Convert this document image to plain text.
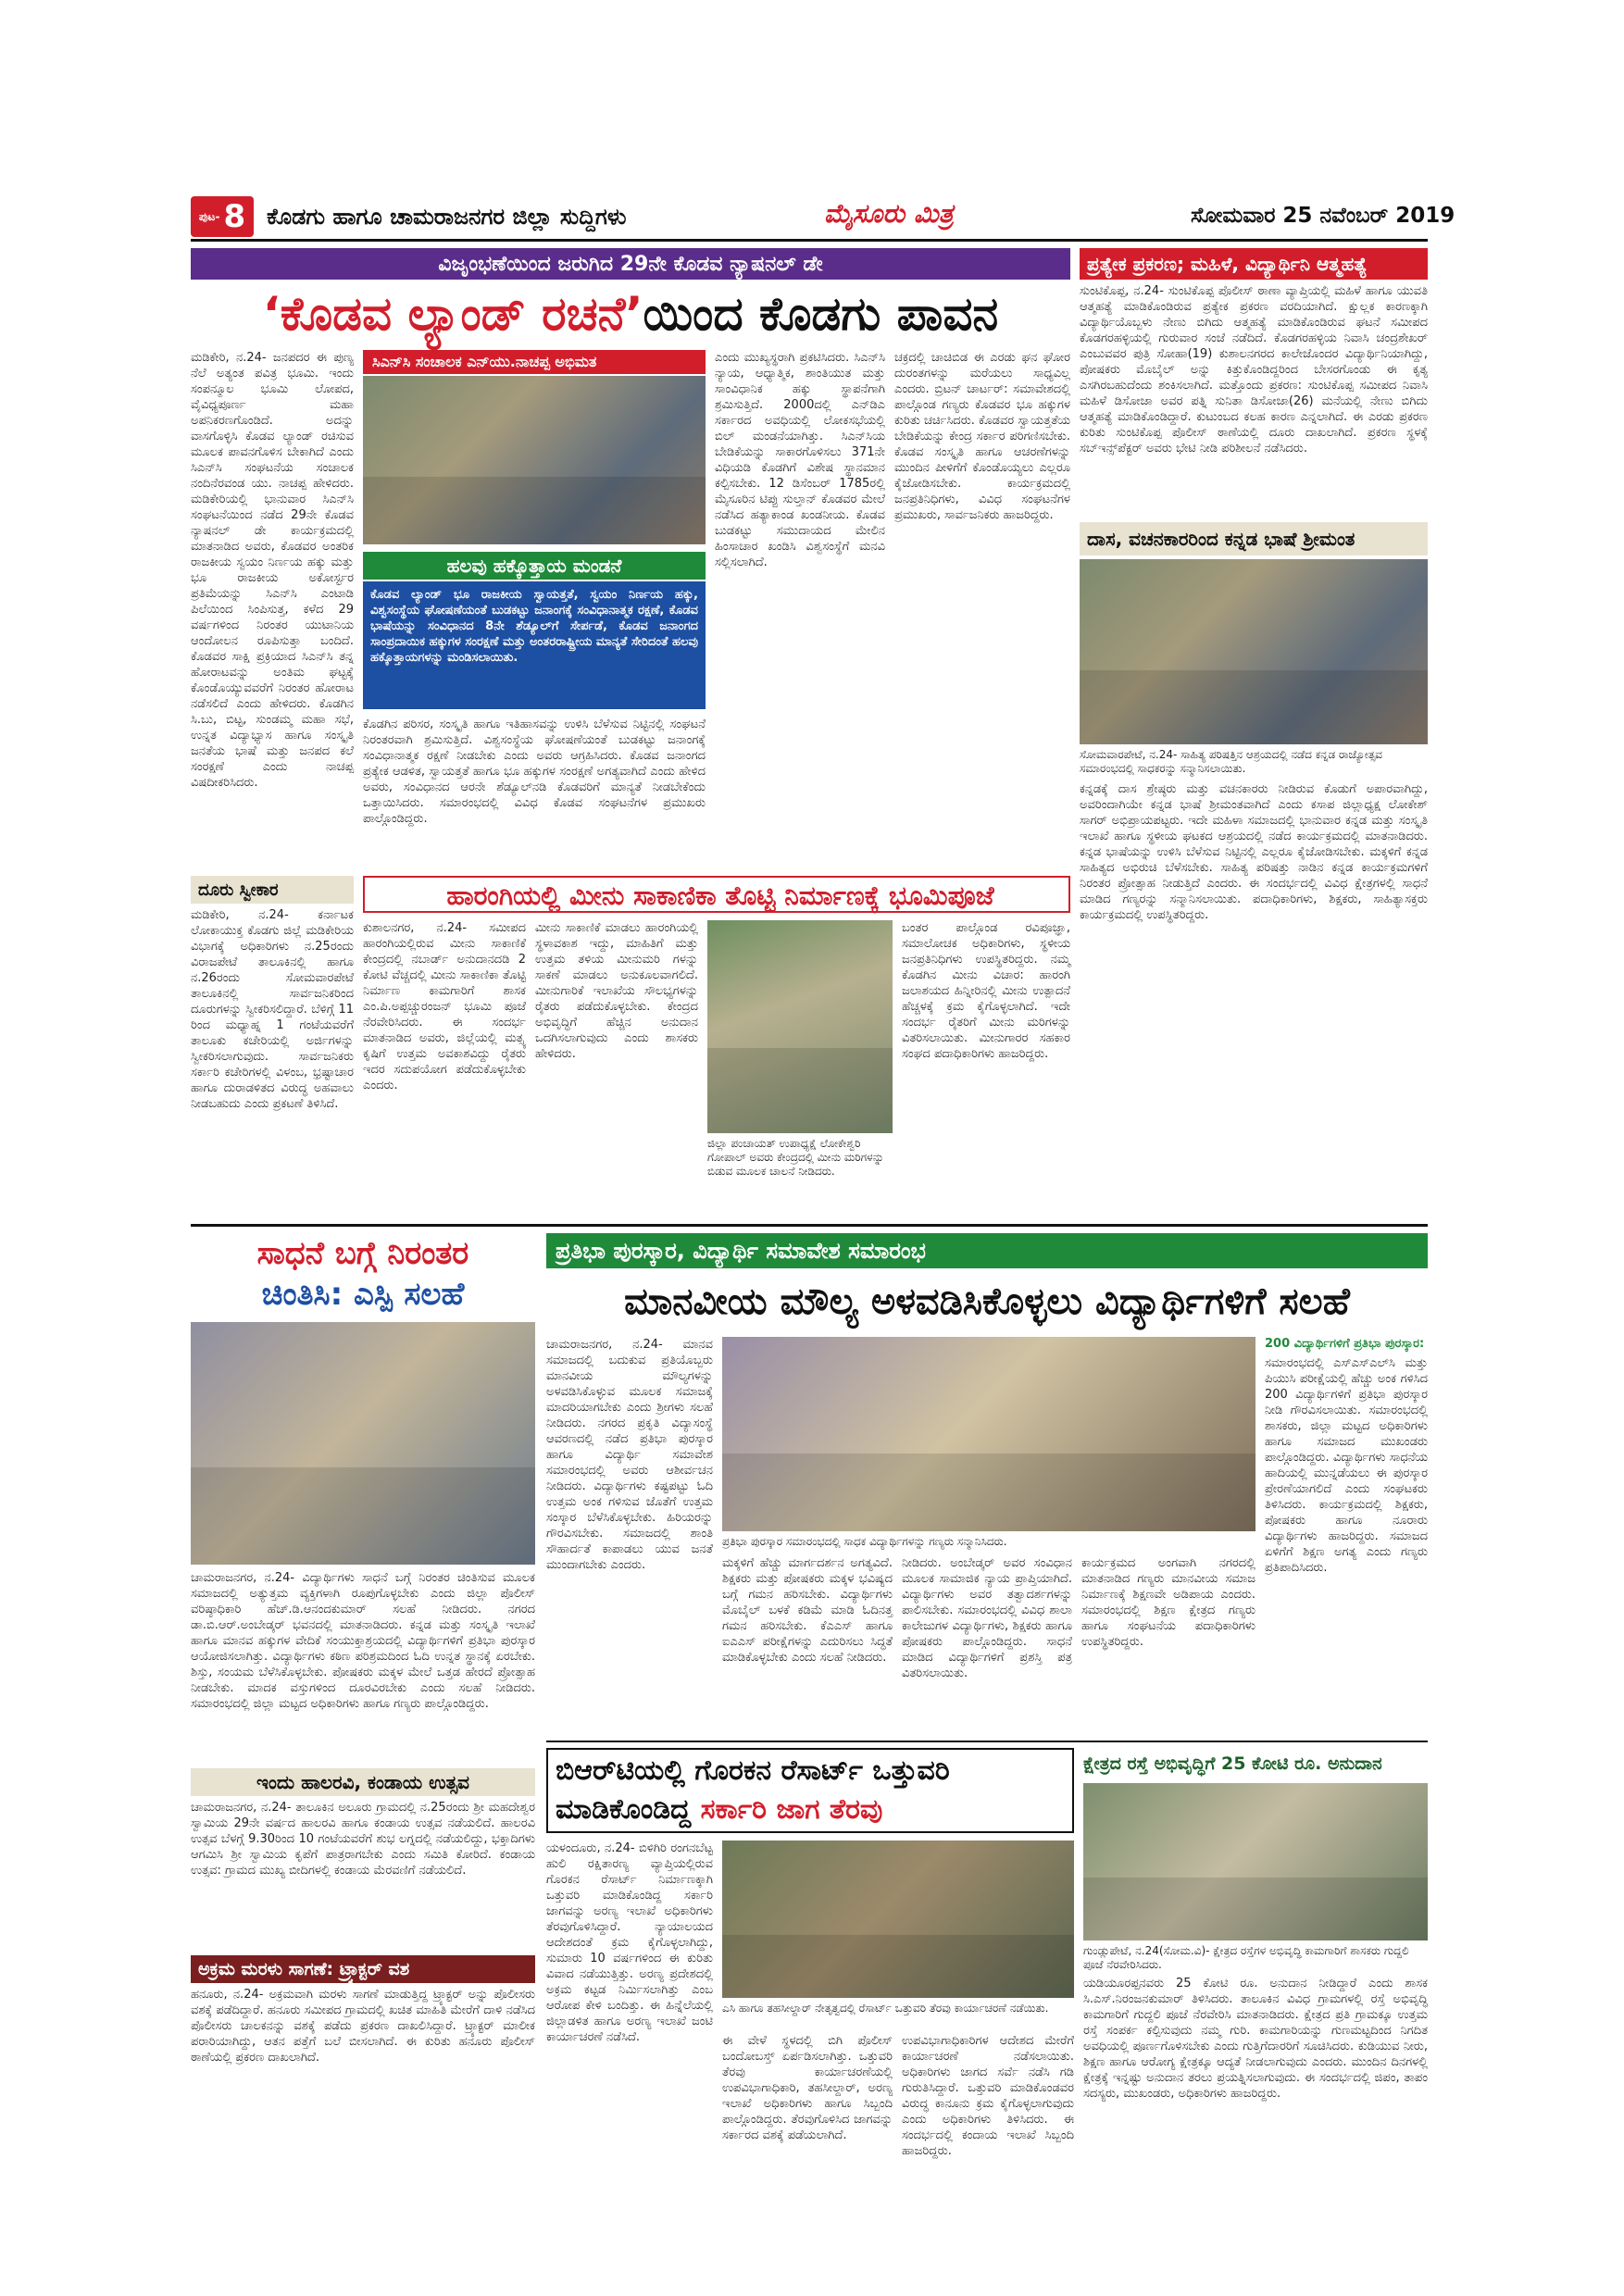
ಪುಟ- 8 ಕೊಡಗು ಹಾಗೂ ಚಾಮರಾಜನಗರ ಜಿಲ್ಲಾ ಸುದ್ದಿಗಳು	ಮೈಸೂರು ಮಿತ್ರ	ಸೋಮವಾರ 25 ನವೆಂಬರ್ 2019
ವಿಜೃಂಭಣೆಯಿಂದ ಜರುಗಿದ 29ನೇ ಕೊಡವ ನ್ಯಾಷನಲ್ ಡೇ
‘ಕೊಡವ ಲ್ಯಾಂಡ್ ರಚನೆ’ಯಿಂದ ಕೊಡಗು ಪಾವನ
ಮಡಿಕೇರಿ, ನ.24- ಜನಪದರ ಈ ಪುಣ್ಯ ನೆಲೆ ಅತ್ಯಂತ ಪವಿತ್ರ ಭೂಮಿ. ಇಂದು ಸಂಪನ್ಮೂಲ ಭೂಮಿ ಲೋಪದ, ವೈವಿಧ್ಯಪೂರ್ಣ ಮಹಾ ಅಪನಿಕರಣಗೊಂಡಿದೆ. ಅದನ್ನು ವಾಸಗೊಳ್ಳಿಸಿ ಕೊಡವ ಲ್ಯಾಂಡ್ ರಚಿಸುವ ಮೂಲಕ ಪಾವನಗೊಳಿಸ ಬೇಕಾಗಿದೆ ಎಂದು ಸಿಎನ್‌ಸಿ ಸಂಘಟನೆಯ ಸಂಚಾಲಕ ನಂದಿನೆರವಂಡ ಯು. ನಾಚಪ್ಪ ಹೇಳಿದರು. ಮಡಿಕೇರಿಯಲ್ಲಿ ಭಾನುವಾರ ಸಿಎನ್‌ಸಿ ಸಂಘಟನೆಯಿಂದ ನಡೆದ 29ನೇ ಕೊಡವ ನ್ಯಾಷನಲ್ ಡೇ ಕಾರ್ಯಕ್ರಮದಲ್ಲಿ ಮಾತನಾಡಿದ ಅವರು, ಕೊಡವರ ಅಂತರಿಕ ರಾಜಕೀಯ ಸ್ವಯಂ ನಿರ್ಣಯ ಹಕ್ಕು ಮತ್ತು ಭೂ ರಾಜಕೀಯ ಅಕೋರ್ಸ್ಟರ ಪ್ರತಿಮೆಯನ್ನು ಸಿಎನ್‌ಸಿ ಎಂಟಾಡಿ ಪಿಲೆಯಿಂದ ಸಿಂಪಿಸುತ್ತ, ಕಳೆದ 29 ವರ್ಷಗಳಿಂದ ನಿರಂತರ ಯುಟಾನಿಯ ಆಂದೋಲನ ರೂಪಿಸುತ್ತಾ ಬಂದಿದೆ. ಕೊಡವರ ಸಾಕ್ಷಿ ಪ್ರಕ್ರಿಯಾದ ಸಿಎನ್‌ಸಿ ತನ್ನ ಹೋರಾಟವನ್ನು ಅಂತಿಮ ಘಟ್ಟಕ್ಕೆ ಕೊಂಡೊಯ್ಯುವವರೆಗೆ ನಿರಂತರ ಹೋರಾಟ ನಡೆಸಲಿದೆ ಎಂದು ಹೇಳಿದರು. ಕೊಡಗಿನ ಸಿ.ಬು, ಬಿಟ್ಟ, ಸುಂಡಮ್ಮ ಮಹಾ ಸಭೆ, ಉನ್ನತ ವಿದ್ಯಾಭ್ಯಾಸ ಹಾಗೂ ಸಂಸ್ಕೃತಿ ಜನತೆಯ ಭಾಷೆ ಮತ್ತು ಜನಪದ ಕಲೆ ಸಂರಕ್ಷಣೆ ಎಂದು ನಾಚಪ್ಪ ವಿಷದೀಕರಿಸಿದರು.
ಸಿಎನ್‌ಸಿ ಸಂಚಾಲಕ ಎನ್‌ಯು.ನಾಚಪ್ಪ ಅಭಿಮತ	ಎಂದು ಮುಖ್ಯಸ್ಥರಾಗಿ ಪ್ರಕಟಿಸಿದರು. ಸಿಎನ್‌ಸಿ ನ್ಯಾಯ, ಆಧ್ಯಾತ್ಮಿಕ, ಶಾಂತಿಯುತ ಮತ್ತು ಸಾಂವಿಧಾನಿಕ ಹಕ್ಕು ಸ್ಥಾಪನೆಗಾಗಿ ಶ್ರಮಿಸುತ್ತಿದೆ. 2000ದಲ್ಲಿ ಎನ್‌ಡಿಎ ಸರ್ಕಾರದ ಅವಧಿಯಲ್ಲಿ ಲೋಕಸಭೆಯಲ್ಲಿ ಬಿಲ್ ಮಂಡನೆಯಾಗಿತ್ತು. ಸಿಎನ್‌ಸಿಯ ಬೇಡಿಕೆಯನ್ನು ಸಾಕಾರಗೊಳಿಸಲು 371ನೇ ವಿಧಿಯಡಿ ಕೊಡಗಿಗೆ ವಿಶೇಷ ಸ್ಥಾನಮಾನ ಕಲ್ಪಿಸಬೇಕು. 12 ಡಿಸೆಂಬರ್ 1785ರಲ್ಲಿ ಮೈಸೂರಿನ ಟಿಪ್ಪು ಸುಲ್ತಾನ್ ಕೊಡವರ ಮೇಲೆ ನಡೆಸಿದ ಹತ್ಯಾಕಾಂಡ ಖಂಡನೀಯ. ಕೊಡವ ಬುಡಕಟ್ಟು ಸಮುದಾಯದ ಮೇಲಿನ ಹಿಂಸಾಚಾರ ಖಂಡಿಸಿ ವಿಶ್ವಸಂಸ್ಥೆಗೆ ಮನವಿ ಸಲ್ಲಿಸಲಾಗಿದೆ.
ಚಕ್ರದಲ್ಲಿ ಚಾಚಿಬಿಡ ಈ ಎರಡು ಘನ ಘೋರ ದುರಂತಗಳನ್ನು ಮರೆಯಲು ಸಾಧ್ಯವಿಲ್ಲ ಎಂದರು. ಬ್ರಿಟನ್ ಚಾರ್ಟರ್: ಸಮಾವೇಶದಲ್ಲಿ ಪಾಲ್ಗೊಂಡ ಗಣ್ಯರು ಕೊಡವರ ಭೂ ಹಕ್ಕುಗಳ ಕುರಿತು ಚರ್ಚಿಸಿದರು. ಕೊಡವರ ಸ್ವಾಯತ್ತತೆಯ ಬೇಡಿಕೆಯನ್ನು ಕೇಂದ್ರ ಸರ್ಕಾರ ಪರಿಗಣಿಸಬೇಕು. ಕೊಡವ ಸಂಸ್ಕೃತಿ ಹಾಗೂ ಆಚರಣೆಗಳನ್ನು ಮುಂದಿನ ಪೀಳಿಗೆಗೆ ಕೊಂಡೊಯ್ಯಲು ಎಲ್ಲರೂ ಕೈಜೋಡಿಸಬೇಕು. ಕಾರ್ಯಕ್ರಮದಲ್ಲಿ ಜನಪ್ರತಿನಿಧಿಗಳು, ವಿವಿಧ ಸಂಘಟನೆಗಳ ಪ್ರಮುಖರು, ಸಾರ್ವಜನಿಕರು ಹಾಜರಿದ್ದರು.
ಹಲವು ಹಕ್ಕೊತ್ತಾಯ ಮಂಡನೆ
ಕೊಡವ ಲ್ಯಾಂಡ್ ಭೂ ರಾಜಕೀಯ ಸ್ವಾಯತ್ತತೆ, ಸ್ವಯಂ ನಿರ್ಣಯ ಹಕ್ಕು, ವಿಶ್ವಸಂಸ್ಥೆಯ ಘೋಷಣೆಯಂತೆ ಬುಡಕಟ್ಟು ಜನಾಂಗಕ್ಕೆ ಸಂವಿಧಾನಾತ್ಮಕ ರಕ್ಷಣೆ, ಕೊಡವ ಭಾಷೆಯನ್ನು ಸಂವಿಧಾನದ 8ನೇ ಶೆಡ್ಯೂಲ್‌ಗೆ ಸೇರ್ಪಡೆ, ಕೊಡವ ಜನಾಂಗದ ಸಾಂಪ್ರದಾಯಿಕ ಹಕ್ಕುಗಳ ಸಂರಕ್ಷಣೆ ಮತ್ತು ಅಂತರರಾಷ್ಟ್ರೀಯ ಮಾನ್ಯತೆ ಸೇರಿದಂತೆ ಹಲವು ಹಕ್ಕೊತ್ತಾಯಗಳನ್ನು ಮಂಡಿಸಲಾಯಿತು.
ಕೊಡಗಿನ ಪರಿಸರ, ಸಂಸ್ಕೃತಿ ಹಾಗೂ ಇತಿಹಾಸವನ್ನು ಉಳಿಸಿ ಬೆಳೆಸುವ ನಿಟ್ಟಿನಲ್ಲಿ ಸಂಘಟನೆ ನಿರಂತರವಾಗಿ ಶ್ರಮಿಸುತ್ತಿದೆ. ವಿಶ್ವಸಂಸ್ಥೆಯ ಘೋಷಣೆಯಂತೆ ಬುಡಕಟ್ಟು ಜನಾಂಗಕ್ಕೆ ಸಂವಿಧಾನಾತ್ಮಕ ರಕ್ಷಣೆ ನೀಡಬೇಕು ಎಂದು ಅವರು ಆಗ್ರಹಿಸಿದರು. ಕೊಡವ ಜನಾಂಗದ ಪ್ರತ್ಯೇಕ ಆಡಳಿತ, ಸ್ವಾಯತ್ತತೆ ಹಾಗೂ ಭೂ ಹಕ್ಕುಗಳ ಸಂರಕ್ಷಣೆ ಅಗತ್ಯವಾಗಿದೆ ಎಂದು ಹೇಳಿದ ಅವರು, ಸಂವಿಧಾನದ ಆರನೇ ಶೆಡ್ಯೂಲ್‌ನಡಿ ಕೊಡವರಿಗೆ ಮಾನ್ಯತೆ ನೀಡಬೇಕೆಂದು ಒತ್ತಾಯಿಸಿದರು. ಸಮಾರಂಭದಲ್ಲಿ ವಿವಿಧ ಕೊಡವ ಸಂಘಟನೆಗಳ ಪ್ರಮುಖರು ಪಾಲ್ಗೊಂಡಿದ್ದರು.
ಪ್ರತ್ಯೇಕ ಪ್ರಕರಣ; ಮಹಿಳೆ, ವಿದ್ಯಾರ್ಥಿನಿ ಆತ್ಮಹತ್ಯೆ
ಸುಂಟಿಕೊಪ್ಪ, ನ.24- ಸುಂಟಿಕೊಪ್ಪ ಪೊಲೀಸ್ ಠಾಣಾ ವ್ಯಾಪ್ತಿಯಲ್ಲಿ ಮಹಿಳೆ ಹಾಗೂ ಯುವತಿ ಆತ್ಮಹತ್ಯೆ ಮಾಡಿಕೊಂಡಿರುವ ಪ್ರತ್ಯೇಕ ಪ್ರಕರಣ ವರದಿಯಾಗಿದೆ. ಕ್ಷುಲ್ಲಕ ಕಾರಣಕ್ಕಾಗಿ ವಿದ್ಯಾರ್ಥಿಯೊಬ್ಬಳು ನೇಣು ಬಿಗಿದು ಆತ್ಮಹತ್ಯೆ ಮಾಡಿಕೊಂಡಿರುವ ಘಟನೆ ಸಮೀಪದ ಕೊಡಗರಹಳ್ಳಿಯಲ್ಲಿ ಗುರುವಾರ ಸಂಜೆ ನಡೆದಿದೆ. ಕೊಡಗರಹಳ್ಳಿಯ ನಿವಾಸಿ ಚಂದ್ರಶೇಖರ್ ಎಂಬುವವರ ಪುತ್ರಿ ಸೋಹಾ(19) ಕುಶಾಲನಗರದ ಕಾಲೇಜೊಂದರ ವಿದ್ಯಾರ್ಥಿನಿಯಾಗಿದ್ದು, ಪೋಷಕರು ಮೊಬೈಲ್ ಅನ್ನು ಕಿತ್ತುಕೊಂಡಿದ್ದರಿಂದ ಬೇಸರಗೊಂಡು ಈ ಕೃತ್ಯ ಎಸಗಿರಬಹುದೆಂದು ಶಂಕಿಸಲಾಗಿದೆ. ಮತ್ತೊಂದು ಪ್ರಕರಣ: ಸುಂಟಿಕೊಪ್ಪ ಸಮೀಪದ ನಿವಾಸಿ ಮಹಿಳೆ ಡಿಸೋಜಾ ಅವರ ಪತ್ನಿ ಸುನಿತಾ ಡಿಸೋಜಾ(26) ಮನೆಯಲ್ಲಿ ನೇಣು ಬಿಗಿದು ಆತ್ಮಹತ್ಯೆ ಮಾಡಿಕೊಂಡಿದ್ದಾರೆ. ಕುಟುಂಬದ ಕಲಹ ಕಾರಣ ಎನ್ನಲಾಗಿದೆ. ಈ ಎರಡು ಪ್ರಕರಣ ಕುರಿತು ಸುಂಟಿಕೊಪ್ಪ ಪೊಲೀಸ್ ಠಾಣೆಯಲ್ಲಿ ದೂರು ದಾಖಲಾಗಿದೆ. ಪ್ರಕರಣ ಸ್ಥಳಕ್ಕೆ ಸಬ್‌ಇನ್ಸ್‌ಪೆಕ್ಟರ್ ಅವರು ಭೇಟಿ ನೀಡಿ ಪರಿಶೀಲನೆ ನಡೆಸಿದರು.
ದಾಸ, ವಚನಕಾರರಿಂದ ಕನ್ನಡ ಭಾಷೆ ಶ್ರೀಮಂತ
ಸೋಮವಾರಪೇಟೆ, ನ.24- ಸಾಹಿತ್ಯ ಪರಿಷತ್ತಿನ ಆಶ್ರಯದಲ್ಲಿ ನಡೆದ ಕನ್ನಡ ರಾಜ್ಯೋತ್ಸವ ಸಮಾರಂಭದಲ್ಲಿ ಸಾಧಕರನ್ನು ಸನ್ಮಾನಿಸಲಾಯಿತು.
ಕನ್ನಡಕ್ಕೆ ದಾಸ ಶ್ರೇಷ್ಠರು ಮತ್ತು ವಚನಕಾರರು ನೀಡಿರುವ ಕೊಡುಗೆ ಅಪಾರವಾಗಿದ್ದು, ಅವರಿಂದಾಗಿಯೇ ಕನ್ನಡ ಭಾಷೆ ಶ್ರೀಮಂತವಾಗಿದೆ ಎಂದು ಕಸಾಪ ಜಿಲ್ಲಾಧ್ಯಕ್ಷ ಲೋಕೇಶ್ ಸಾಗರ್ ಅಭಿಪ್ರಾಯಪಟ್ಟರು. ಇದೇ ಮಹಿಳಾ ಸಮಾಜದಲ್ಲಿ ಭಾನುವಾರ ಕನ್ನಡ ಮತ್ತು ಸಂಸ್ಕೃತಿ ಇಲಾಖೆ ಹಾಗೂ ಸ್ಥಳೀಯ ಘಟಕದ ಆಶ್ರಯದಲ್ಲಿ ನಡೆದ ಕಾರ್ಯಕ್ರಮದಲ್ಲಿ ಮಾತನಾಡಿದರು. ಕನ್ನಡ ಭಾಷೆಯನ್ನು ಉಳಿಸಿ ಬೆಳೆಸುವ ನಿಟ್ಟಿನಲ್ಲಿ ಎಲ್ಲರೂ ಕೈಜೋಡಿಸಬೇಕು. ಮಕ್ಕಳಿಗೆ ಕನ್ನಡ ಸಾಹಿತ್ಯದ ಅಭಿರುಚಿ ಬೆಳೆಸಬೇಕು. ಸಾಹಿತ್ಯ ಪರಿಷತ್ತು ನಾಡಿನ ಕನ್ನಡ ಕಾರ್ಯಕ್ರಮಗಳಿಗೆ ನಿರಂತರ ಪ್ರೋತ್ಸಾಹ ನೀಡುತ್ತಿದೆ ಎಂದರು. ಈ ಸಂದರ್ಭದಲ್ಲಿ ವಿವಿಧ ಕ್ಷೇತ್ರಗಳಲ್ಲಿ ಸಾಧನೆ ಮಾಡಿದ ಗಣ್ಯರನ್ನು ಸನ್ಮಾನಿಸಲಾಯಿತು. ಪದಾಧಿಕಾರಿಗಳು, ಶಿಕ್ಷಕರು, ಸಾಹಿತ್ಯಾಸಕ್ತರು ಕಾರ್ಯಕ್ರಮದಲ್ಲಿ ಉಪಸ್ಥಿತರಿದ್ದರು.
ದೂರು ಸ್ವೀಕಾರ
ಮಡಿಕೇರಿ, ನ.24- ಕರ್ನಾಟಕ ಲೋಕಾಯುಕ್ತ ಕೊಡಗು ಜಿಲ್ಲೆ ಮಡಿಕೇರಿಯ ವಿಭಾಗಕ್ಕೆ ಅಧಿಕಾರಿಗಳು ನ.25ರಂದು ವಿರಾಜಪೇಟೆ ತಾಲೂಕಿನಲ್ಲಿ ಹಾಗೂ ನ.26ರಂದು ಸೋಮವಾರಪೇಟೆ ತಾಲೂಕಿನಲ್ಲಿ ಸಾರ್ವಜನಿಕರಿಂದ ದೂರುಗಳನ್ನು ಸ್ವೀಕರಿಸಲಿದ್ದಾರೆ. ಬೆಳಿಗ್ಗೆ 11 ರಿಂದ ಮಧ್ಯಾಹ್ನ 1 ಗಂಟೆಯವರೆಗೆ ತಾಲೂಕು ಕಚೇರಿಯಲ್ಲಿ ಅರ್ಜಿಗಳನ್ನು ಸ್ವೀಕರಿಸಲಾಗುವುದು. ಸಾರ್ವಜನಿಕರು ಸರ್ಕಾರಿ ಕಚೇರಿಗಳಲ್ಲಿ ವಿಳಂಬ, ಭ್ರಷ್ಟಾಚಾರ ಹಾಗೂ ದುರಾಡಳಿತದ ವಿರುದ್ಧ ಅಹವಾಲು ನೀಡಬಹುದು ಎಂದು ಪ್ರಕಟಣೆ ತಿಳಿಸಿದೆ.
ಹಾರಂಗಿಯಲ್ಲಿ ಮೀನು ಸಾಕಾಣಿಕಾ ತೊಟ್ಟಿ ನಿರ್ಮಾಣಕ್ಕೆ ಭೂಮಿಪೂಜೆ
ಕುಶಾಲನಗರ, ನ.24- ಸಮೀಪದ ಹಾರಂಗಿಯಲ್ಲಿರುವ ಮೀನು ಸಾಕಾಣಿಕೆ ಕೇಂದ್ರದಲ್ಲಿ ನಬಾರ್ಡ್ ಅನುದಾನದಡಿ 2 ಕೋಟಿ ವೆಚ್ಚದಲ್ಲಿ ಮೀನು ಸಾಕಾಣಿಕಾ ತೊಟ್ಟಿ ನಿರ್ಮಾಣ ಕಾಮಗಾರಿಗೆ ಶಾಸಕ ಎಂ.ಪಿ.ಅಪ್ಪಚ್ಚುರಂಜನ್ ಭೂಮಿ ಪೂಜೆ ನೆರವೇರಿಸಿದರು. ಈ ಸಂದರ್ಭ ಮಾತನಾಡಿದ ಅವರು, ಜಿಲ್ಲೆಯಲ್ಲಿ ಮತ್ಸ್ಯ ಕೃಷಿಗೆ ಉತ್ತಮ ಅವಕಾಶವಿದ್ದು ರೈತರು ಇದರ ಸದುಪಯೋಗ ಪಡೆದುಕೊಳ್ಳಬೇಕು ಎಂದರು.
ಮೀನು ಸಾಕಾಣಿಕೆ ಮಾಡಲು ಹಾರಂಗಿಯಲ್ಲಿ ಸ್ಥಳಾವಕಾಶ ಇದ್ದು, ಮಾಹಿತಿಗೆ ಮತ್ತು ಉತ್ತಮ ತಳಿಯ ಮೀನುಮರಿ ಗಳನ್ನು ಸಾಕಣೆ ಮಾಡಲು ಅನುಕೂಲವಾಗಲಿದೆ. ಮೀನುಗಾರಿಕೆ ಇಲಾಖೆಯ ಸೌಲಭ್ಯಗಳನ್ನು ರೈತರು ಪಡೆದುಕೊಳ್ಳಬೇಕು. ಕೇಂದ್ರದ ಅಭಿವೃದ್ಧಿಗೆ ಹೆಚ್ಚಿನ ಅನುದಾನ ಒದಗಿಸಲಾಗುವುದು ಎಂದು ಶಾಸಕರು ಹೇಳಿದರು.
ಜಿಲ್ಲಾ ಪಂಚಾಯತ್ ಉಪಾಧ್ಯಕ್ಷೆ ಲೋಕೇಶ್ವರಿ ಗೋಪಾಲ್ ಅವರು ಕೇಂದ್ರದಲ್ಲಿ ಮೀನು ಮರಿಗಳನ್ನು ಬಿಡುವ ಮೂಲಕ ಚಾಲನೆ ನೀಡಿದರು.
ಬಂತರ ಪಾಲ್ಗೊಂಡ ರವಿಪೂಜ್ಞಾ, ಸಮಾಲೋಚಕ ಅಧಿಕಾರಿಗಳು, ಸ್ಥಳೀಯ ಜನಪ್ರತಿನಿಧಿಗಳು ಉಪಸ್ಥಿತರಿದ್ದರು. ನಮ್ಮ ಕೊಡಗಿನ ಮೀನು ವಿಚಾರ: ಹಾರಂಗಿ ಜಲಾಶಯದ ಹಿನ್ನೀರಿನಲ್ಲಿ ಮೀನು ಉತ್ಪಾದನೆ ಹೆಚ್ಚಳಕ್ಕೆ ಕ್ರಮ ಕೈಗೊಳ್ಳಲಾಗಿದೆ. ಇದೇ ಸಂದರ್ಭ ರೈತರಿಗೆ ಮೀನು ಮರಿಗಳನ್ನು ವಿತರಿಸಲಾಯಿತು. ಮೀನುಗಾರರ ಸಹಕಾರ ಸಂಘದ ಪದಾಧಿಕಾರಿಗಳು ಹಾಜರಿದ್ದರು.
ಸಾಧನೆ ಬಗ್ಗೆ ನಿರಂತರ
ಚಿಂತಿಸಿ: ಎಸ್ಪಿ ಸಲಹೆ
ಚಾಮರಾಜನಗರ, ನ.24- ವಿದ್ಯಾರ್ಥಿಗಳು ಸಾಧನೆ ಬಗ್ಗೆ ನಿರಂತರ ಚಿಂತಿಸುವ ಮೂಲಕ ಸಮಾಜದಲ್ಲಿ ಅತ್ಯುತ್ತಮ ವ್ಯಕ್ತಿಗಳಾಗಿ ರೂಪುಗೊಳ್ಳಬೇಕು ಎಂದು ಜಿಲ್ಲಾ ಪೊಲೀಸ್ ವರಿಷ್ಠಾಧಿಕಾರಿ ಹೆಚ್.ಡಿ.ಆನಂದಕುಮಾರ್ ಸಲಹೆ ನೀಡಿದರು. ನಗರದ ಡಾ.ಬಿ.ಆರ್.ಅಂಬೇಡ್ಕರ್ ಭವನದಲ್ಲಿ ಮಾತನಾಡಿದರು. ಕನ್ನಡ ಮತ್ತು ಸಂಸ್ಕೃತಿ ಇಲಾಖೆ ಹಾಗೂ ಮಾನವ ಹಕ್ಕುಗಳ ವೇದಿಕೆ ಸಂಯುಕ್ತಾಶ್ರಯದಲ್ಲಿ ವಿದ್ಯಾರ್ಥಿಗಳಿಗೆ ಪ್ರತಿಭಾ ಪುರಸ್ಕಾರ ಆಯೋಜಿಸಲಾಗಿತ್ತು. ವಿದ್ಯಾರ್ಥಿಗಳು ಕಠಿಣ ಪರಿಶ್ರಮದಿಂದ ಓದಿ ಉನ್ನತ ಸ್ಥಾನಕ್ಕೆ ಏರಬೇಕು. ಶಿಸ್ತು, ಸಂಯಮ ಬೆಳೆಸಿಕೊಳ್ಳಬೇಕು. ಪೋಷಕರು ಮಕ್ಕಳ ಮೇಲೆ ಒತ್ತಡ ಹೇರದೆ ಪ್ರೋತ್ಸಾಹ ನೀಡಬೇಕು. ಮಾದಕ ವಸ್ತುಗಳಿಂದ ದೂರವಿರಬೇಕು ಎಂದು ಸಲಹೆ ನೀಡಿದರು. ಸಮಾರಂಭದಲ್ಲಿ ಜಿಲ್ಲಾ ಮಟ್ಟದ ಅಧಿಕಾರಿಗಳು ಹಾಗೂ ಗಣ್ಯರು ಪಾಲ್ಗೊಂಡಿದ್ದರು.
ಇಂದು ಹಾಲರವಿ, ಕಂಡಾಯ ಉತ್ಸವ
ಚಾಮರಾಜನಗರ, ನ.24- ತಾಲೂಕಿನ ಅಲೂರು ಗ್ರಾಮದಲ್ಲಿ ನ.25ರಂದು ಶ್ರೀ ಮಹದೇಶ್ವರ ಸ್ವಾಮಿಯ 29ನೇ ವರ್ಷದ ಹಾಲರವಿ ಹಾಗೂ ಕಂಡಾಯ ಉತ್ಸವ ನಡೆಯಲಿದೆ. ಹಾಲರವಿ ಉತ್ಸವ ಬೆಳಗ್ಗೆ 9.30ರಿಂದ 10 ಗಂಟೆಯವರೆಗೆ ಶುಭ ಲಗ್ನದಲ್ಲಿ ನಡೆಯಲಿದ್ದು, ಭಕ್ತಾದಿಗಳು ಆಗಮಿಸಿ ಶ್ರೀ ಸ್ವಾಮಿಯ ಕೃಪೆಗೆ ಪಾತ್ರರಾಗಬೇಕು ಎಂದು ಸಮಿತಿ ಕೋರಿದೆ. ಕಂಡಾಯ ಉತ್ಸವ: ಗ್ರಾಮದ ಮುಖ್ಯ ಬೀದಿಗಳಲ್ಲಿ ಕಂಡಾಯ ಮೆರವಣಿಗೆ ನಡೆಯಲಿದೆ.
ಅಕ್ರಮ ಮರಳು ಸಾಗಣೆ: ಟ್ರ್ಯಾಕ್ಟರ್ ವಶ
ಹನೂರು, ನ.24- ಅಕ್ರಮವಾಗಿ ಮರಳು ಸಾಗಣೆ ಮಾಡುತ್ತಿದ್ದ ಟ್ರ್ಯಾಕ್ಟರ್ ಅನ್ನು ಪೊಲೀಸರು ವಶಕ್ಕೆ ಪಡೆದಿದ್ದಾರೆ. ಹನೂರು ಸಮೀಪದ ಗ್ರಾಮದಲ್ಲಿ ಖಚಿತ ಮಾಹಿತಿ ಮೇರೆಗೆ ದಾಳಿ ನಡೆಸಿದ ಪೊಲೀಸರು ಚಾಲಕನನ್ನು ವಶಕ್ಕೆ ಪಡೆದು ಪ್ರಕರಣ ದಾಖಲಿಸಿದ್ದಾರೆ. ಟ್ರ್ಯಾಕ್ಟರ್ ಮಾಲೀಕ ಪರಾರಿಯಾಗಿದ್ದು, ಆತನ ಪತ್ತೆಗೆ ಬಲೆ ಬೀಸಲಾಗಿದೆ. ಈ ಕುರಿತು ಹನೂರು ಪೊಲೀಸ್ ಠಾಣೆಯಲ್ಲಿ ಪ್ರಕರಣ ದಾಖಲಾಗಿದೆ.
ಪ್ರತಿಭಾ ಪುರಸ್ಕಾರ, ವಿದ್ಯಾರ್ಥಿ ಸಮಾವೇಶ ಸಮಾರಂಭ
ಮಾನವೀಯ ಮೌಲ್ಯ ಅಳವಡಿಸಿಕೊಳ್ಳಲು ವಿದ್ಯಾರ್ಥಿಗಳಿಗೆ ಸಲಹೆ
ಚಾಮರಾಜನಗರ, ನ.24- ಮಾನವ ಸಮಾಜದಲ್ಲಿ ಬದುಕುವ ಪ್ರತಿಯೊಬ್ಬರು ಮಾನವೀಯ ಮೌಲ್ಯಗಳನ್ನು ಅಳವಡಿಸಿಕೊಳ್ಳುವ ಮೂಲಕ ಸಮಾಜಕ್ಕೆ ಮಾದರಿಯಾಗಬೇಕು ಎಂದು ಶ್ರೀಗಳು ಸಲಹೆ ನೀಡಿದರು. ನಗರದ ಪ್ರಕೃತಿ ವಿದ್ಯಾಸಂಸ್ಥೆ ಆವರಣದಲ್ಲಿ ನಡೆದ ಪ್ರತಿಭಾ ಪುರಸ್ಕಾರ ಹಾಗೂ ವಿದ್ಯಾರ್ಥಿ ಸಮಾವೇಶ ಸಮಾರಂಭದಲ್ಲಿ ಅವರು ಆಶೀರ್ವಚನ ನೀಡಿದರು. ವಿದ್ಯಾರ್ಥಿಗಳು ಕಷ್ಟಪಟ್ಟು ಓದಿ ಉತ್ತಮ ಅಂಕ ಗಳಿಸುವ ಜೊತೆಗೆ ಉತ್ತಮ ಸಂಸ್ಕಾರ ಬೆಳೆಸಿಕೊಳ್ಳಬೇಕು. ಹಿರಿಯರನ್ನು ಗೌರವಿಸಬೇಕು. ಸಮಾಜದಲ್ಲಿ ಶಾಂತಿ ಸೌಹಾರ್ದತೆ ಕಾಪಾಡಲು ಯುವ ಜನತೆ ಮುಂದಾಗಬೇಕು ಎಂದರು.
ಪ್ರತಿಭಾ ಪುರಸ್ಕಾರ ಸಮಾರಂಭದಲ್ಲಿ ಸಾಧಕ ವಿದ್ಯಾರ್ಥಿಗಳನ್ನು ಗಣ್ಯರು ಸನ್ಮಾನಿಸಿದರು.
ಮಕ್ಕಳಿಗೆ ಹೆಚ್ಚು ಮಾರ್ಗದರ್ಶನ ಅಗತ್ಯವಿದೆ. ಶಿಕ್ಷಕರು ಮತ್ತು ಪೋಷಕರು ಮಕ್ಕಳ ಭವಿಷ್ಯದ ಬಗ್ಗೆ ಗಮನ ಹರಿಸಬೇಕು. ವಿದ್ಯಾರ್ಥಿಗಳು ಮೊಬೈಲ್ ಬಳಕೆ ಕಡಿಮೆ ಮಾಡಿ ಓದಿನತ್ತ ಗಮನ ಹರಿಸಬೇಕು. ಕೆಎಎಸ್ ಹಾಗೂ ಐಎಎಸ್ ಪರೀಕ್ಷೆಗಳನ್ನು ಎದುರಿಸಲು ಸಿದ್ಧತೆ ಮಾಡಿಕೊಳ್ಳಬೇಕು ಎಂದು ಸಲಹೆ ನೀಡಿದರು.
ನೀಡಿದರು. ಅಂಬೇಡ್ಕರ್ ಅವರ ಸಂವಿಧಾನ ಮೂಲಕ ಸಾಮಾಜಿಕ ನ್ಯಾಯ ಪ್ರಾಪ್ತಿಯಾಗಿದೆ. ವಿದ್ಯಾರ್ಥಿಗಳು ಅವರ ತತ್ವಾದರ್ಶಗಳನ್ನು ಪಾಲಿಸಬೇಕು. ಸಮಾರಂಭದಲ್ಲಿ ವಿವಿಧ ಶಾಲಾ ಕಾಲೇಜುಗಳ ವಿದ್ಯಾರ್ಥಿಗಳು, ಶಿಕ್ಷಕರು ಹಾಗೂ ಪೋಷಕರು ಪಾಲ್ಗೊಂಡಿದ್ದರು. ಸಾಧನೆ ಮಾಡಿದ ವಿದ್ಯಾರ್ಥಿಗಳಿಗೆ ಪ್ರಶಸ್ತಿ ಪತ್ರ ವಿತರಿಸಲಾಯಿತು.
ಕಾರ್ಯಕ್ರಮದ ಅಂಗವಾಗಿ ನಗರದಲ್ಲಿ ಮಾತನಾಡಿದ ಗಣ್ಯರು ಮಾನವೀಯ ಸಮಾಜ ನಿರ್ಮಾಣಕ್ಕೆ ಶಿಕ್ಷಣವೇ ಅಡಿಪಾಯ ಎಂದರು. ಸಮಾರಂಭದಲ್ಲಿ ಶಿಕ್ಷಣ ಕ್ಷೇತ್ರದ ಗಣ್ಯರು ಹಾಗೂ ಸಂಘಟನೆಯ ಪದಾಧಿಕಾರಿಗಳು ಉಪಸ್ಥಿತರಿದ್ದರು.
200 ವಿದ್ಯಾರ್ಥಿಗಳಿಗೆ ಪ್ರತಿಭಾ ಪುರಸ್ಕಾರ:
ಸಮಾರಂಭದಲ್ಲಿ ಎಸ್‌ಎಸ್‌ಎಲ್‌ಸಿ ಮತ್ತು ಪಿಯುಸಿ ಪರೀಕ್ಷೆಯಲ್ಲಿ ಹೆಚ್ಚು ಅಂಕ ಗಳಿಸಿದ 200 ವಿದ್ಯಾರ್ಥಿಗಳಿಗೆ ಪ್ರತಿಭಾ ಪುರಸ್ಕಾರ ನೀಡಿ ಗೌರವಿಸಲಾಯಿತು. ಸಮಾರಂಭದಲ್ಲಿ ಶಾಸಕರು, ಜಿಲ್ಲಾ ಮಟ್ಟದ ಅಧಿಕಾರಿಗಳು ಹಾಗೂ ಸಮಾಜದ ಮುಖಂಡರು ಪಾಲ್ಗೊಂಡಿದ್ದರು. ವಿದ್ಯಾರ್ಥಿಗಳು ಸಾಧನೆಯ ಹಾದಿಯಲ್ಲಿ ಮುನ್ನಡೆಯಲು ಈ ಪುರಸ್ಕಾರ ಪ್ರೇರಣೆಯಾಗಲಿದೆ ಎಂದು ಸಂಘಟಕರು ತಿಳಿಸಿದರು. ಕಾರ್ಯಕ್ರಮದಲ್ಲಿ ಶಿಕ್ಷಕರು, ಪೋಷಕರು ಹಾಗೂ ನೂರಾರು ವಿದ್ಯಾರ್ಥಿಗಳು ಹಾಜರಿದ್ದರು. ಸಮಾಜದ ಏಳಿಗೆಗೆ ಶಿಕ್ಷಣ ಅಗತ್ಯ ಎಂದು ಗಣ್ಯರು ಪ್ರತಿಪಾದಿಸಿದರು.
ಬಿಆರ್‌ಟಿಯಲ್ಲಿ ಗೊರಕನ ರೆಸಾರ್ಟ್ ಒತ್ತುವರಿ
ಮಾಡಿಕೊಂಡಿದ್ದ ಸರ್ಕಾರಿ ಜಾಗ ತೆರವು
ಯಳಂದೂರು, ನ.24- ಬಿಳಿಗಿರಿ ರಂಗನಬೆಟ್ಟ ಹುಲಿ ರಕ್ಷಿತಾರಣ್ಯ ವ್ಯಾಪ್ತಿಯಲ್ಲಿರುವ ಗೊರಕನ ರೆಸಾರ್ಟ್ ನಿರ್ಮಾಣಕ್ಕಾಗಿ ಒತ್ತುವರಿ ಮಾಡಿಕೊಂಡಿದ್ದ ಸರ್ಕಾರಿ ಜಾಗವನ್ನು ಅರಣ್ಯ ಇಲಾಖೆ ಅಧಿಕಾರಿಗಳು ತೆರವುಗೊಳಿಸಿದ್ದಾರೆ. ನ್ಯಾಯಾಲಯದ ಆದೇಶದಂತೆ ಕ್ರಮ ಕೈಗೊಳ್ಳಲಾಗಿದ್ದು, ಸುಮಾರು 10 ವರ್ಷಗಳಿಂದ ಈ ಕುರಿತು ವಿವಾದ ನಡೆಯುತ್ತಿತ್ತು. ಅರಣ್ಯ ಪ್ರದೇಶದಲ್ಲಿ ಅಕ್ರಮ ಕಟ್ಟಡ ನಿರ್ಮಿಸಲಾಗಿತ್ತು ಎಂಬ ಆರೋಪ ಕೇಳಿ ಬಂದಿತ್ತು. ಈ ಹಿನ್ನೆಲೆಯಲ್ಲಿ ಜಿಲ್ಲಾಡಳಿತ ಹಾಗೂ ಅರಣ್ಯ ಇಲಾಖೆ ಜಂಟಿ ಕಾರ್ಯಾಚರಣೆ ನಡೆಸಿದೆ.
ಎಸಿ ಹಾಗೂ ತಹಸೀಲ್ದಾರ್ ನೇತೃತ್ವದಲ್ಲಿ ರೆಸಾರ್ಟ್ ಒತ್ತುವರಿ ತೆರವು ಕಾರ್ಯಾಚರಣೆ ನಡೆಯಿತು.
ಈ ವೇಳೆ ಸ್ಥಳದಲ್ಲಿ ಬಿಗಿ ಪೊಲೀಸ್ ಬಂದೋಬಸ್ತ್ ಏರ್ಪಡಿಸಲಾಗಿತ್ತು. ಒತ್ತುವರಿ ತೆರವು ಕಾರ್ಯಾಚರಣೆಯಲ್ಲಿ ಉಪವಿಭಾಗಾಧಿಕಾರಿ, ತಹಸೀಲ್ದಾರ್, ಅರಣ್ಯ ಇಲಾಖೆ ಅಧಿಕಾರಿಗಳು ಹಾಗೂ ಸಿಬ್ಬಂದಿ ಪಾಲ್ಗೊಂಡಿದ್ದರು. ತೆರವುಗೊಳಿಸಿದ ಜಾಗವನ್ನು ಸರ್ಕಾರದ ವಶಕ್ಕೆ ಪಡೆಯಲಾಗಿದೆ.
ಉಪವಿಭಾಗಾಧಿಕಾರಿಗಳ ಆದೇಶದ ಮೇರೆಗೆ ಕಾರ್ಯಾಚರಣೆ ನಡೆಸಲಾಯಿತು. ಅಧಿಕಾರಿಗಳು ಜಾಗದ ಸರ್ವೆ ನಡೆಸಿ ಗಡಿ ಗುರುತಿಸಿದ್ದಾರೆ. ಒತ್ತುವರಿ ಮಾಡಿಕೊಂಡವರ ವಿರುದ್ಧ ಕಾನೂನು ಕ್ರಮ ಕೈಗೊಳ್ಳಲಾಗುವುದು ಎಂದು ಅಧಿಕಾರಿಗಳು ತಿಳಿಸಿದರು. ಈ ಸಂದರ್ಭದಲ್ಲಿ ಕಂದಾಯ ಇಲಾಖೆ ಸಿಬ್ಬಂದಿ ಹಾಜರಿದ್ದರು.
ಕ್ಷೇತ್ರದ ರಸ್ತೆ ಅಭಿವೃದ್ಧಿಗೆ 25 ಕೋಟಿ ರೂ. ಅನುದಾನ
ಗುಂಡ್ಲುಪೇಟೆ, ನ.24(ಸೋಮ.ವಿ)- ಕ್ಷೇತ್ರದ ರಸ್ತೆಗಳ ಅಭಿವೃದ್ಧಿ ಕಾಮಗಾರಿಗೆ ಶಾಸಕರು ಗುದ್ದಲಿ ಪೂಜೆ ನೆರವೇರಿಸಿದರು.
ಯಡಿಯೂರಪ್ಪನವರು 25 ಕೋಟಿ ರೂ. ಅನುದಾನ ನೀಡಿದ್ದಾರೆ ಎಂದು ಶಾಸಕ ಸಿ.ಎಸ್.ನಿರಂಜನಕುಮಾರ್ ತಿಳಿಸಿದರು. ತಾಲೂಕಿನ ವಿವಿಧ ಗ್ರಾಮಗಳಲ್ಲಿ ರಸ್ತೆ ಅಭಿವೃದ್ಧಿ ಕಾಮಗಾರಿಗೆ ಗುದ್ದಲಿ ಪೂಜೆ ನೆರವೇರಿಸಿ ಮಾತನಾಡಿದರು. ಕ್ಷೇತ್ರದ ಪ್ರತಿ ಗ್ರಾಮಕ್ಕೂ ಉತ್ತಮ ರಸ್ತೆ ಸಂಪರ್ಕ ಕಲ್ಪಿಸುವುದು ನಮ್ಮ ಗುರಿ. ಕಾಮಗಾರಿಯನ್ನು ಗುಣಮಟ್ಟದಿಂದ ನಿಗದಿತ ಅವಧಿಯಲ್ಲಿ ಪೂರ್ಣಗೊಳಿಸಬೇಕು ಎಂದು ಗುತ್ತಿಗೆದಾರರಿಗೆ ಸೂಚಿಸಿದರು. ಕುಡಿಯುವ ನೀರು, ಶಿಕ್ಷಣ ಹಾಗೂ ಆರೋಗ್ಯ ಕ್ಷೇತ್ರಕ್ಕೂ ಆದ್ಯತೆ ನೀಡಲಾಗುವುದು ಎಂದರು. ಮುಂದಿನ ದಿನಗಳಲ್ಲಿ ಕ್ಷೇತ್ರಕ್ಕೆ ಇನ್ನಷ್ಟು ಅನುದಾನ ತರಲು ಪ್ರಯತ್ನಿಸಲಾಗುವುದು. ಈ ಸಂದರ್ಭದಲ್ಲಿ ಜಿಪಂ, ತಾಪಂ ಸದಸ್ಯರು, ಮುಖಂಡರು, ಅಧಿಕಾರಿಗಳು ಹಾಜರಿದ್ದರು.
